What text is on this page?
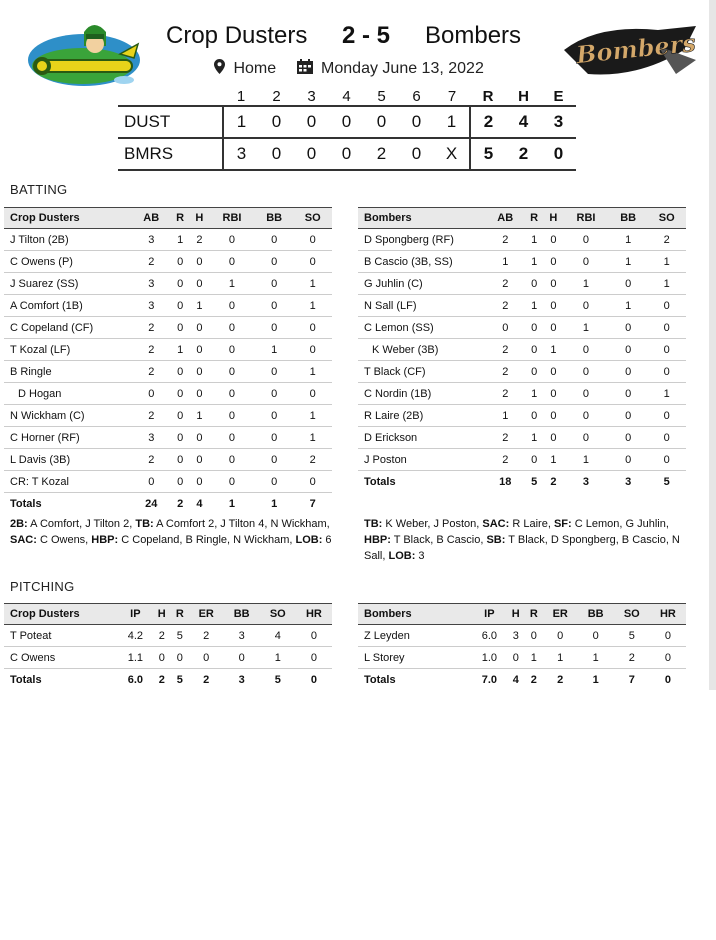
Crop Dusters 2 - 5 Bombers
Home	Monday June 13, 2022	Bombers
	1	2	3	4	5	6	7	R	H	E
DUST	1	0	0	0	0	0	1	2	4	3
BMRS	3	0	0	0	2	0	X	5	2	0
BATTING
Crop Dusters	AB	R	H	RBI	BB	SO
J Tilton (2B)	3	1	2	0	0	0
C Owens (P)	2	0	0	0	0	0
J Suarez (SS)	3	0	0	1	0	1
A Comfort (1B)	3	0	1	0	0	1
C Copeland (CF)	2	0	0	0	0	0
T Kozal (LF)	2	1	0	0	1	0
B Ringle	2	0	0	0	0	1
D Hogan	0	0	0	0	0	0
N Wickham (C)	2	0	1	0	0	1
C Horner (RF)	3	0	0	0	0	1
L Davis (3B)	2	0	0	0	0	2
CR: T Kozal	0	0	0	0	0	0
Totals	24	2	4	1	1	7
Bombers	AB	R	H	RBI	BB	SO
D Spongberg (RF)	2	1	0	0	1	2
B Cascio (3B, SS)	1	1	0	0	1	1
G Juhlin (C)	2	0	0	1	0	1
N Sall (LF)	2	1	0	0	1	0
C Lemon (SS)	0	0	0	1	0	0
K Weber (3B)	2	0	1	0	0	0
T Black (CF)	2	0	0	0	0	0
C Nordin (1B)	2	1	0	0	0	1
R Laire (2B)	1	0	0	0	0	0
D Erickson	2	1	0	0	0	0
J Poston	2	0	1	1	0	0
Totals	18	5	2	3	3	5
2B: A Comfort, J Tilton 2, TB: A Comfort 2, J Tilton 4, N Wickham, SAC: C Owens, HBP: C Copeland, B Ringle, N Wickham, LOB: 6
TB: K Weber, J Poston, SAC: R Laire, SF: C Lemon, G Juhlin, HBP: T Black, B Cascio, SB: T Black, D Spongberg, B Cascio, N Sall, LOB: 3
PITCHING
Crop Dusters	IP	H	R	ER	BB	SO	HR
T Poteat	4.2	2	5	2	3	4	0
C Owens	1.1	0	0	0	0	1	0
Totals	6.0	2	5	2	3	5	0
Bombers	IP	H	R	ER	BB	SO	HR
Z Leyden	6.0	3	0	0	0	5	0
L Storey	1.0	0	1	1	1	2	0
Totals	7.0	4	2	2	1	7	0
